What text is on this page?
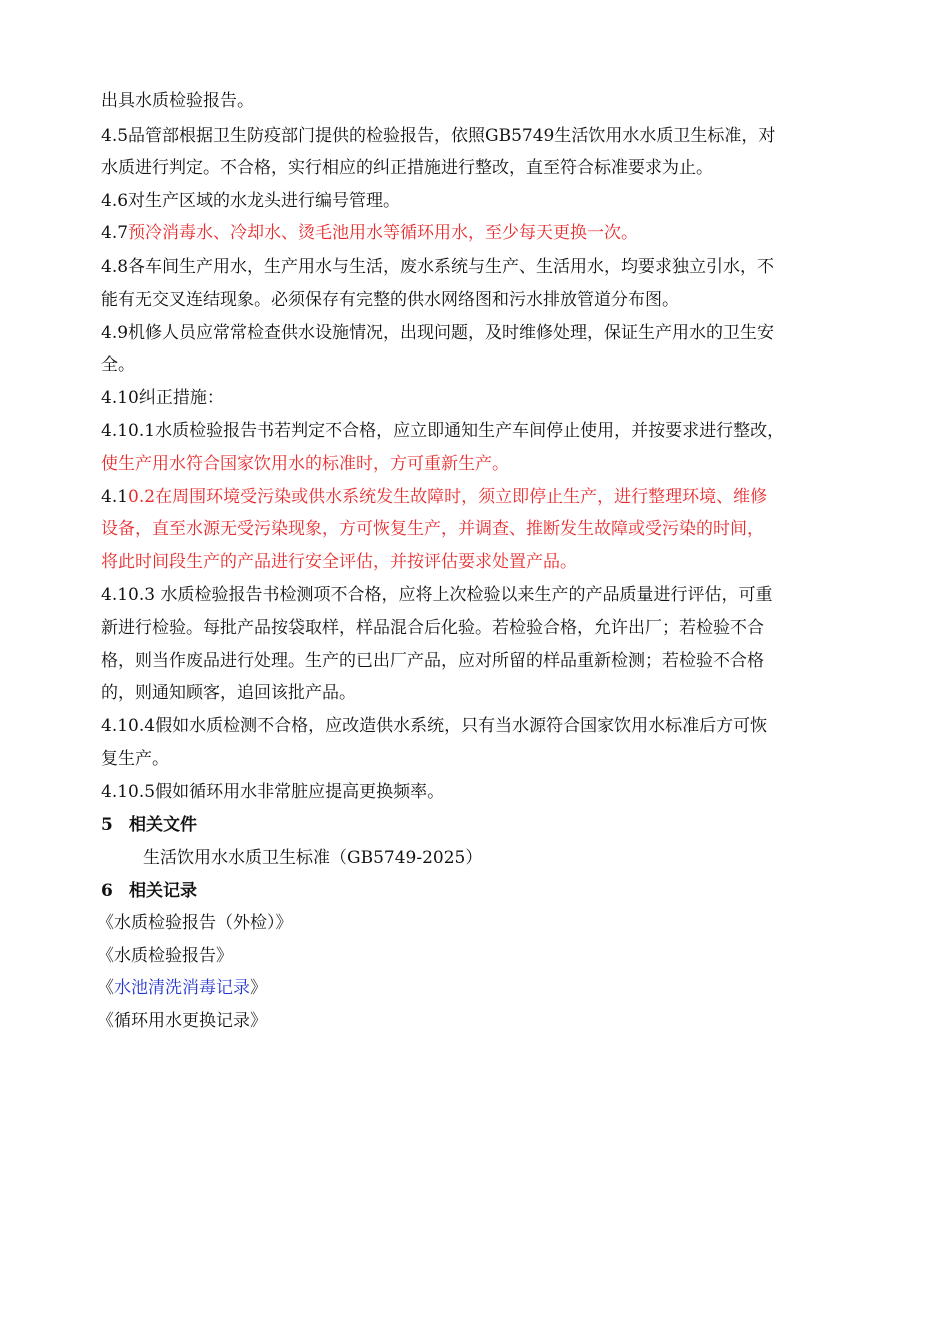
出具水质检验报告。
4.5品管部根据卫生防疫部门提供的检验报告，依照GB5749生活饮用水水质卫生标准，对
水质进行判定。不合格，实行相应的纠正措施进行整改，直至符合标准要求为止。
4.6对生产区域的水龙头进行编号管理。
4.7预冷消毒水、冷却水、烫毛池用水等循环用水，至少每天更换一次。
4.8各车间生产用水，生产用水与生活，废水系统与生产、生活用水，均要求独立引水，不
能有无交叉连结现象。必须保存有完整的供水网络图和污水排放管道分布图。
4.9机修人员应常常检查供水设施情况，出现问题，及时维修处理，保证生产用水的卫生安
全。
4.10纠正措施：
4.10.1水质检验报告书若判定不合格，应立即通知生产车间停止使用，并按要求进行整改，
使生产用水符合国家饮用水的标准时，方可重新生产。
4.10.2在周围环境受污染或供水系统发生故障时，须立即停止生产，进行整理环境、维修
设备，直至水源无受污染现象，方可恢复生产，并调查、推断发生故障或受污染的时间，
将此时间段生产的产品进行安全评估，并按评估要求处置产品。
4.10.3 水质检验报告书检测项不合格，应将上次检验以来生产的产品质量进行评估，可重
新进行检验。每批产品按袋取样，样品混合后化验。若检验合格，允许出厂；若检验不合
格，则当作废品进行处理。生产的已出厂产品，应对所留的样品重新检测；若检验不合格
的，则通知顾客，追回该批产品。
4.10.4假如水质检测不合格，应改造供水系统，只有当水源符合国家饮用水标准后方可恢
复生产。
4.10.5假如循环用水非常脏应提高更换频率。
5 相关文件
生活饮用水水质卫生标准（GB5749-2025）
6 相关记录
《水质检验报告（外检）》
《水质检验报告》
《水池清洗消毒记录》
《循环用水更换记录》
